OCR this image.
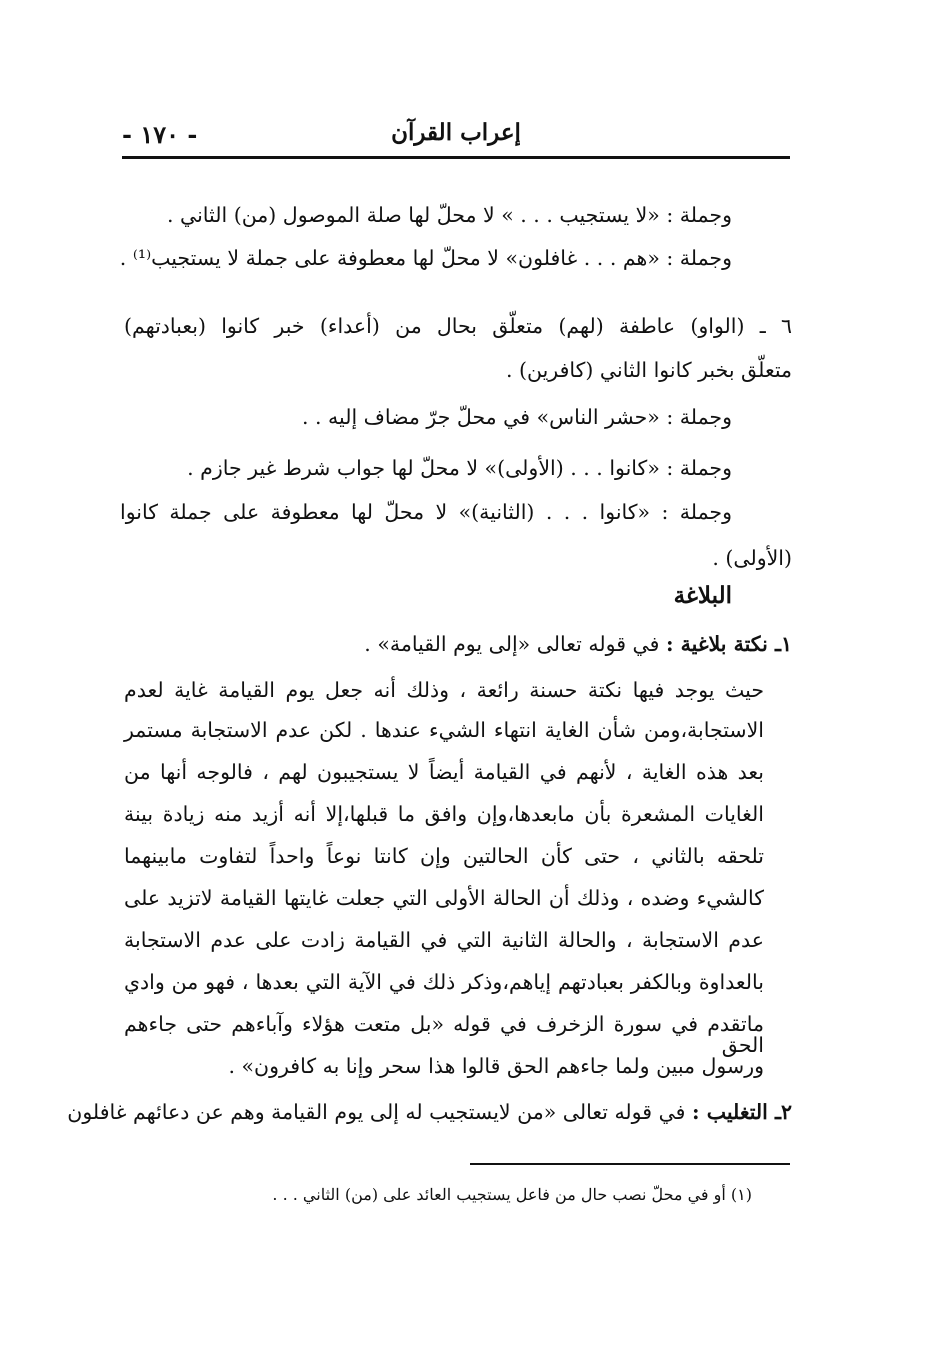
إعراب القرآن
- ١٧٠ -
وجملة : «لا يستجيب . . . » لا محلّ لها صلة الموصول (من) الثاني .
وجملة : «هم . . . غافلون» لا محلّ لها معطوفة على جملة لا يستجيب⁽¹⁾ .
٦ ـ (الواو) عاطفة (لهم) متعلّق بحال من (أعداء) خبر كانوا (بعبادتهم)
متعلّق بخبر كانوا الثاني (كافرين) .
وجملة : «حشر الناس» في محلّ جرّ مضاف إليه . .
وجملة : «كانوا . . . (الأولى)» لا محلّ لها جواب شرط غير جازم .
وجملة : «كانوا . . . (الثانية)» لا محلّ لها معطوفة على جملة كانوا
(الأولى) .
البلاغة
١ـ نكتة بلاغية : في قوله تعالى «إلى يوم القيامة» .
حيث يوجد فيها نكتة حسنة رائعة ، وذلك أنه جعل يوم القيامة غاية لعدم
الاستجابة،ومن شأن الغاية انتهاء الشيء عندها . لكن عدم الاستجابة مستمر
بعد هذه الغاية ، لأنهم في القيامة أيضاً لا يستجيبون لهم ، فالوجه أنها من
الغايات المشعرة بأن مابعدها،وإن وافق ما قبلها،إلا أنه أزيد منه زيادة بينة
تلحقه بالثاني ، حتى كأن الحالتين وإن كانتا نوعاً واحداً لتفاوت مابينهما
كالشيء وضده ، وذلك أن الحالة الأولى التي جعلت غايتها القيامة لاتزيد على
عدم الاستجابة ، والحالة الثانية التي في القيامة زادت على عدم الاستجابة
بالعداوة وبالكفر بعبادتهم إياهم،وذكر ذلك في الآية التي بعدها ، فهو من وادي
ماتقدم في سورة الزخرف في قوله «بل متعت هؤلاء وآباءهم حتى جاءهم الحق
ورسول مبين ولما جاءهم الحق قالوا هذا سحر وإنا به كافرون» .
٢ـ التغليب : في قوله تعالى «من لايستجيب له إلى يوم القيامة وهم عن دعائهم غافلون
(١) أو في محلّ نصب حال من فاعل يستجيب العائد على (من) الثاني . . .
